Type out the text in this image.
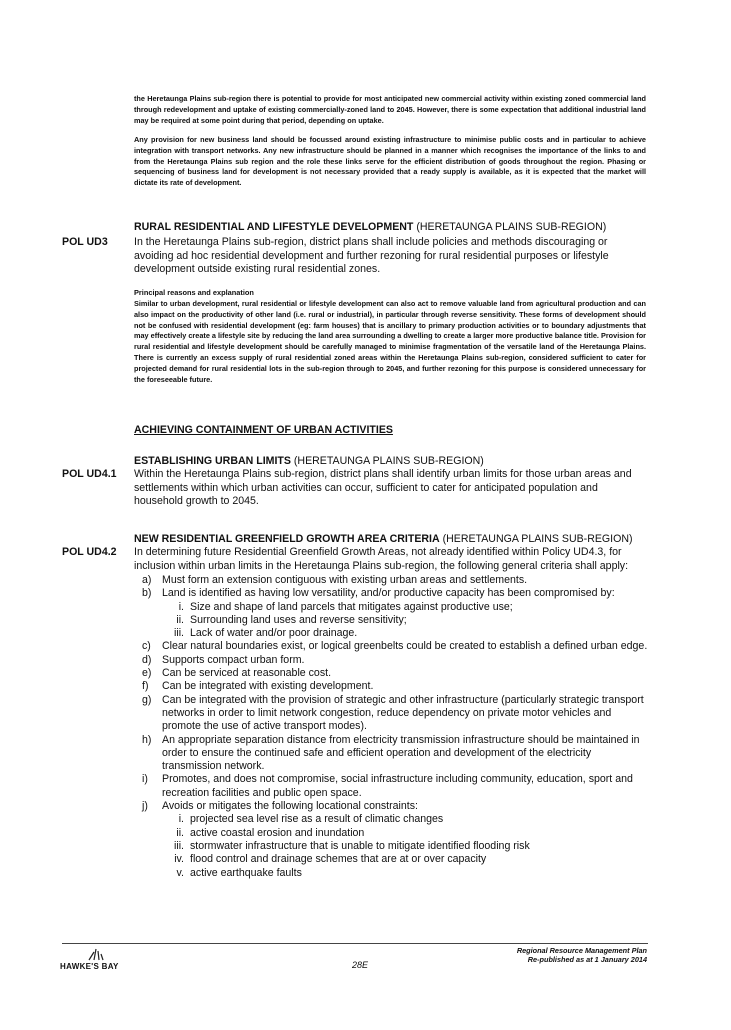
the Heretaunga Plains sub-region there is potential to provide for most anticipated new commercial activity within existing zoned commercial land through redevelopment and uptake of existing commercially-zoned land to 2045. However, there is some expectation that additional industrial land may be required at some point during that period, depending on uptake.

Any provision for new business land should be focussed around existing infrastructure to minimise public costs and in particular to achieve integration with transport networks. Any new infrastructure should be planned in a manner which recognises the importance of the links to and from the Heretaunga Plains sub region and the role these links serve for the efficient distribution of goods throughout the region. Phasing or sequencing of business land for development is not necessary provided that a ready supply is available, as it is expected that the market will dictate its rate of development.

RURAL RESIDENTIAL AND LIFESTYLE DEVELOPMENT (HERETAUNGA PLAINS SUB-REGION)

POL UD3 In the Heretaunga Plains sub-region, district plans shall include policies and methods discouraging or avoiding ad hoc residential development and further rezoning for rural residential purposes or lifestyle development outside existing rural residential zones.

Principal reasons and explanation

Similar to urban development, rural residential or lifestyle development can also act to remove valuable land from agricultural production and can also impact on the productivity of other land (i.e. rural or industrial), in particular through reverse sensitivity. These forms of development should not be confused with residential development (eg: farm houses) that is ancillary to primary production activities or to boundary adjustments that may effectively create a lifestyle site by reducing the land area surrounding a dwelling to create a larger more productive balance title. Provision for rural residential and lifestyle development should be carefully managed to minimise fragmentation of the versatile land of the Heretaunga Plains. There is currently an excess supply of rural residential zoned areas within the Heretaunga Plains sub-region, considered sufficient to cater for projected demand for rural residential lots in the sub-region through to 2045, and further rezoning for this purpose is considered unnecessary for the foreseeable future.

ACHIEVING CONTAINMENT OF URBAN ACTIVITIES

ESTABLISHING URBAN LIMITS (HERETAUNGA PLAINS SUB-REGION)

POL UD4.1 Within the Heretaunga Plains sub-region, district plans shall identify urban limits for those urban areas and settlements within which urban activities can occur, sufficient to cater for anticipated population and household growth to 2045.

NEW RESIDENTIAL GREENFIELD GROWTH AREA CRITERIA (HERETAUNGA PLAINS SUB-REGION)

POL UD4.2 In determining future Residential Greenfield Growth Areas, not already identified within Policy UD4.3, for inclusion within urban limits in the Heretaunga Plains sub-region, the following general criteria shall apply:

a) Must form an extension contiguous with existing urban areas and settlements.
b) Land is identified as having low versatility, and/or productive capacity has been compromised by:
i. Size and shape of land parcels that mitigates against productive use;
ii. Surrounding land uses and reverse sensitivity;
iii. Lack of water and/or poor drainage.
c) Clear natural boundaries exist, or logical greenbelts could be created to establish a defined urban edge.
d) Supports compact urban form.
e) Can be serviced at reasonable cost.
f) Can be integrated with existing development.
g) Can be integrated with the provision of strategic and other infrastructure (particularly strategic transport networks in order to limit network congestion, reduce dependency on private motor vehicles and promote the use of active transport modes).
h) An appropriate separation distance from electricity transmission infrastructure should be maintained in order to ensure the continued safe and efficient operation and development of the electricity transmission network.
i) Promotes, and does not compromise, social infrastructure including community, education, sport and recreation facilities and public open space.
j) Avoids or mitigates the following locational constraints:
i. projected sea level rise as a result of climatic changes
ii. active coastal erosion and inundation
iii. stormwater infrastructure that is unable to mitigate identified flooding risk
iv. flood control and drainage schemes that are at or over capacity
v. active earthquake faults
HAWKE'S BAY	28E
Regional Resource Management Plan
Re-published as at 1 January 2014
